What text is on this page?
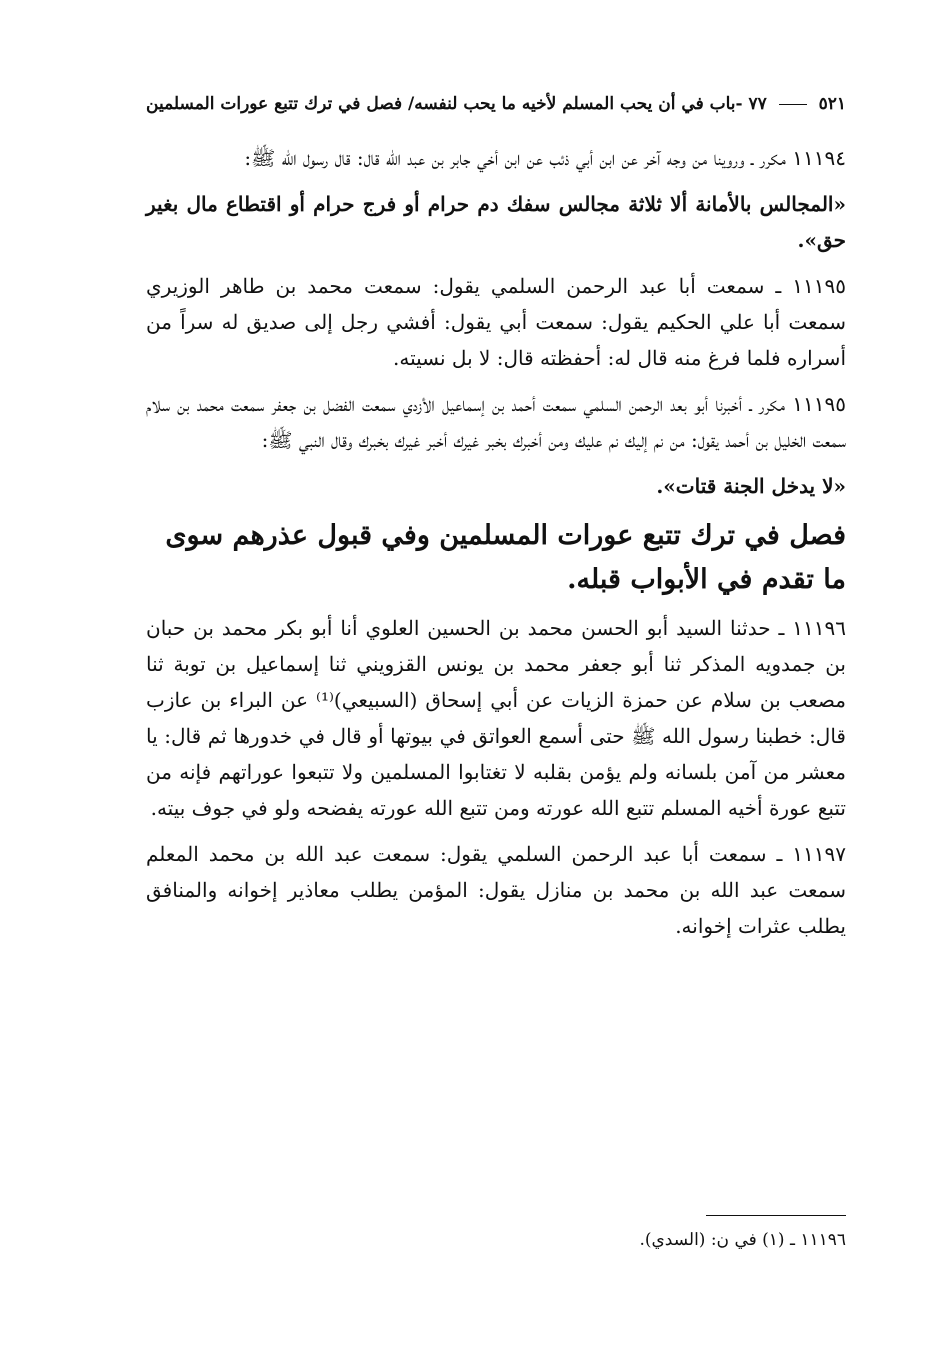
٧٧ -باب في أن يحب المسلم لأخيه ما يحب لنفسه/ فصل في ترك تتبع عورات المسلمين	٥٢١

١١١٩٤ مكرر ـ وروينا من وجه آخر عن ابن أبي ذئب عن ابن أخي جابر بن عبد الله قال: قال رسول الله ﷺ:

«المجالس بالأمانة ألا ثلاثة مجالس سفك دم حرام أو فرج حرام أو اقتطاع مال بغير حق».

١١١٩٥ ـ سمعت أبا عبد الرحمن السلمي يقول: سمعت محمد بن طاهر الوزيري سمعت أبا علي الحكيم يقول: سمعت أبي يقول: أفشي رجل إلى صديق له سراً من أسراره فلما فرغ منه قال له: أحفظته قال: لا بل نسيته.

١١١٩٥ مكرر ـ أخبرنا أبو بعد الرحمن السلمي سمعت أحمد بن إسماعيل الأزدي سمعت الفضل بن جعفر سمعت محمد بن سلام سمعت الخليل بن أحمد يقول: من نم إليك نم عليك ومن أخبرك بخبر غيرك أخبر غيرك بخبرك وقال النبي ﷺ:

«لا يدخل الجنة قتات».

فصل في ترك تتبع عورات المسلمين وفي قبول عذرهم سوى ما تقدم في الأبواب قبله.

١١١٩٦ ـ حدثنا السيد أبو الحسن محمد بن الحسين العلوي أنا أبو بكر محمد بن حبان بن جمدويه المذكر ثنا أبو جعفر محمد بن يونس القزويني ثنا إسماعيل بن توبة ثنا مصعب بن سلام عن حمزة الزيات عن أبي إسحاق (السبيعي)⁽¹⁾ عن البراء بن عازب قال: خطبنا رسول الله ﷺ حتى أسمع العواتق في بيوتها أو قال في خدورها ثم قال: يا معشر من آمن بلسانه ولم يؤمن بقلبه لا تغتابوا المسلمين ولا تتبعوا عوراتهم فإنه من تتبع عورة أخيه المسلم تتبع الله عورته ومن تتبع الله عورته يفضحه ولو في جوف بيته.

١١١٩٧ ـ سمعت أبا عبد الرحمن السلمي يقول: سمعت عبد الله بن محمد المعلم سمعت عبد الله بن محمد بن منازل يقول: المؤمن يطلب معاذير إخوانه والمنافق يطلب عثرات إخوانه.

١١١٩٦ ـ (١) في ن: (السدي).
